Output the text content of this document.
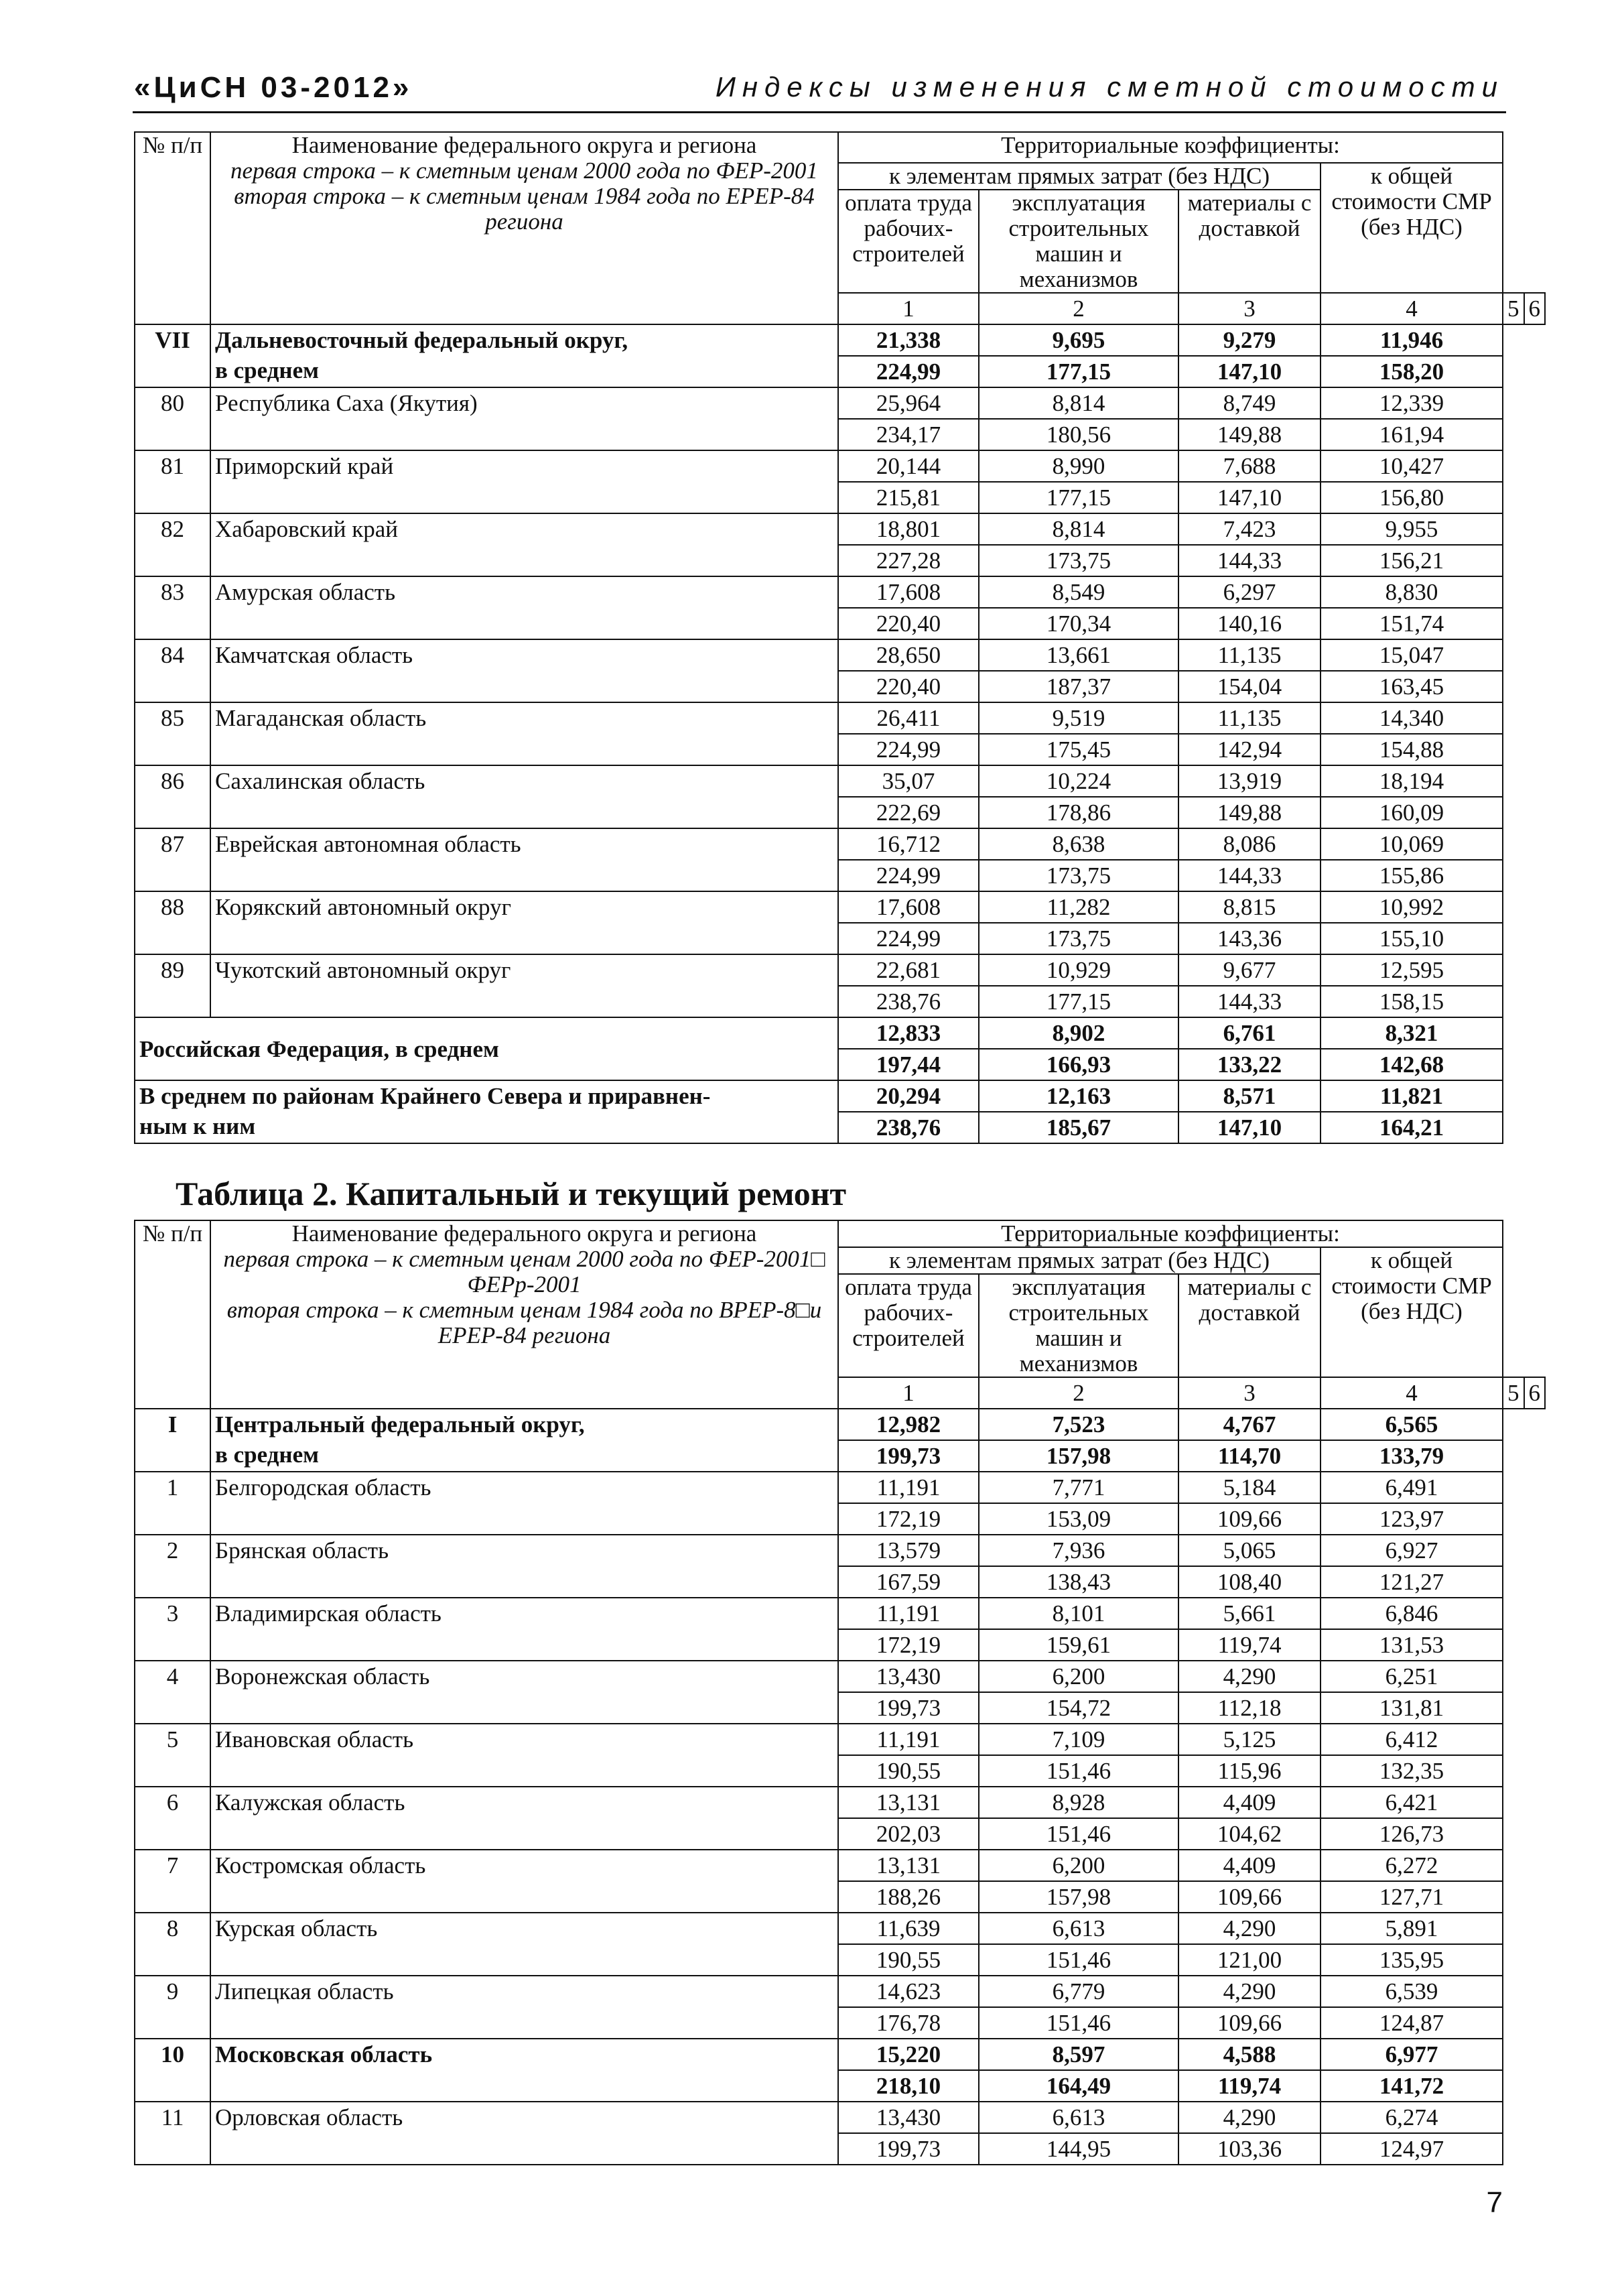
«ЦиСН 03-2012»	Индексы изменения сметной стоимости
№ п/п	Наименование федерального округа и региона
первая строка – к сметным ценам 2000 года по ФЕР-2001
вторая строка – к сметным ценам 1984 года по ЕРЕР-84 региона	Территориальные коэффициенты:					
		к элементам прямых затрат (без НДС)			к общей стоимости СМР (без НДС)		
		оплата труда рабочих-строителей	эксплуатация строительных машин и механизмов	материалы с доставкой			
		1	2	3	4	5	6
VII	Дальневосточный федеральный округ,
в среднем	21,338	9,695	9,279	11,946		
		224,99	177,15	147,10	158,20		
80	Республика Саха (Якутия)	25,964	8,814	8,749	12,339		
		234,17	180,56	149,88	161,94		
81	Приморский край	20,144	8,990	7,688	10,427		
		215,81	177,15	147,10	156,80		
82	Хабаровский край	18,801	8,814	7,423	9,955		
		227,28	173,75	144,33	156,21		
83	Амурская область	17,608	8,549	6,297	8,830		
		220,40	170,34	140,16	151,74		
84	Камчатская область	28,650	13,661	11,135	15,047		
		220,40	187,37	154,04	163,45		
85	Магаданская область	26,411	9,519	11,135	14,340		
		224,99	175,45	142,94	154,88		
86	Сахалинская область	35,07	10,224	13,919	18,194		
		222,69	178,86	149,88	160,09		
87	Еврейская автономная область	16,712	8,638	8,086	10,069		
		224,99	173,75	144,33	155,86		
88	Корякский автономный округ	17,608	11,282	8,815	10,992		
		224,99	173,75	143,36	155,10		
89	Чукотский автономный округ	22,681	10,929	9,677	12,595		
		238,76	177,15	144,33	158,15		
Российская Федерация, в среднем		12,833	8,902	6,761	8,321		
		197,44	166,93	133,22	142,68		

В среднем по районам Крайнего Севера и приравнен-
ным к ним		20,294	12,163	8,571	11,821		
		238,76	185,67	147,10	164,21		
Таблица 2. Капитальный и текущий ремонт
№ п/п	Наименование федерального округа и региона
первая строка – к сметным ценам 2000 года по ФЕР-2001□ ФЕРр-2001
вторая строка – к сметным ценам 1984 года по ВРЕР-8□и ЕРЕР-84 региона	Территориальные коэффициенты:					
		к элементам прямых затрат (без НДС)			к общей стоимости СМР (без НДС)		
		оплата труда рабочих-строителей	эксплуатация строительных машин и механизмов	материалы с доставкой			
		1	2	3	4	5	6
I	Центральный федеральный округ,
в среднем	12,982	7,523	4,767	6,565		
		199,73	157,98	114,70	133,79		
1	Белгородская область	11,191	7,771	5,184	6,491		
		172,19	153,09	109,66	123,97		
2	Брянская область	13,579	7,936	5,065	6,927		
		167,59	138,43	108,40	121,27		
3	Владимирская область	11,191	8,101	5,661	6,846		
		172,19	159,61	119,74	131,53		
4	Воронежская область	13,430	6,200	4,290	6,251		
		199,73	154,72	112,18	131,81		
5	Ивановская область	11,191	7,109	5,125	6,412		
		190,55	151,46	115,96	132,35		
6	Калужская область	13,131	8,928	4,409	6,421		
		202,03	151,46	104,62	126,73		
7	Костромская область	13,131	6,200	4,409	6,272		
		188,26	157,98	109,66	127,71		
8	Курская область	11,639	6,613	4,290	5,891		
		190,55	151,46	121,00	135,95		
9	Липецкая область	14,623	6,779	4,290	6,539		
		176,78	151,46	109,66	124,87		
10	Московская область	15,220	8,597	4,588	6,977		
		218,10	164,49	119,74	141,72		
11	Орловская область	13,430	6,613	4,290	6,274		
		199,73	144,95	103,36	124,97		
7
